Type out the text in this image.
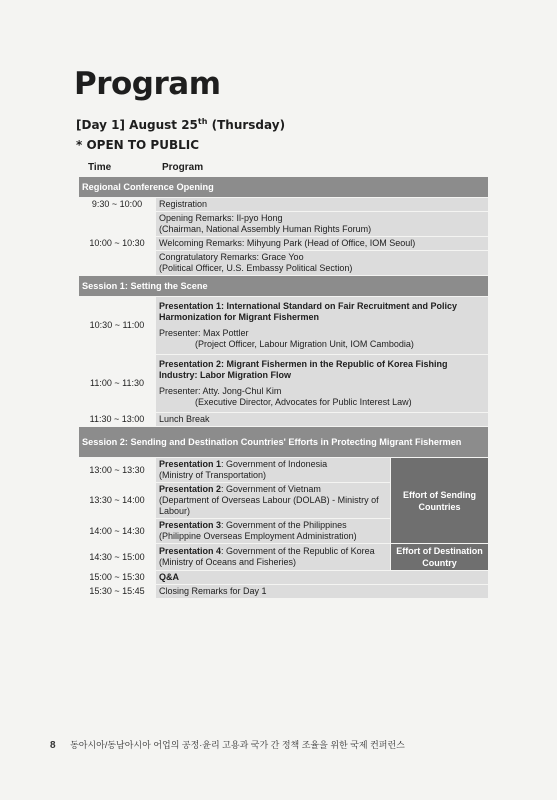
Program
[Day 1] August 25th (Thursday)
* OPEN TO PUBLIC
Time	Program
Regional Conference Opening		
9:30 ~ 10:00	Registration	
10:00 ~ 10:30	Opening Remarks: Il-pyo Hong
(Chairman, National Assembly Human Rights Forum)	

	Welcoming Remarks: Mihyung Park (Head of Office, IOM Seoul)	

	Congratulatory Remarks: Grace Yoo
(Political Officer, U.S. Embassy Political Section)	

Session 1: Setting the Scene		
10:30 ~ 11:00	Presentation 1: International Standard on Fair Recruitment and Policy Harmonization for Migrant Fishermen
Presenter: Max Pottler
(Project Officer, Labour Migration Unit, IOM Cambodia)	

11:00 ~ 11:30	Presentation 2: Migrant Fishermen in the Republic of Korea Fishing Industry: Labor Migration Flow
Presenter: Atty. Jong-Chul Kim
(Executive Director, Advocates for Public Interest Law)	

11:30 ~ 13:00	Lunch Break	
Session 2: Sending and Destination Countries' Efforts in Protecting Migrant Fishermen		
13:00 ~ 13:30	Presentation 1: Government of Indonesia
(Ministry of Transportation)	Effort of Sending Countries
13:30 ~ 14:00	Presentation 2: Government of Vietnam
(Department of Overseas Labour (DOLAB) - Ministry of Labour)	

14:00 ~ 14:30	Presentation 3: Government of the Philippines
(Philippine Overseas Employment Administration)	

14:30 ~ 15:00	Presentation 4: Government of the Republic of Korea
(Ministry of Oceans and Fisheries)	Effort of Destination Country
15:00 ~ 15:30	Q&A	
15:30 ~ 15:45	Closing Remarks for Day 1	
8 동아시아/동남아시아 어업의 공정·윤리 고용과 국가 간 정책 조율을 위한 국제 컨퍼런스
